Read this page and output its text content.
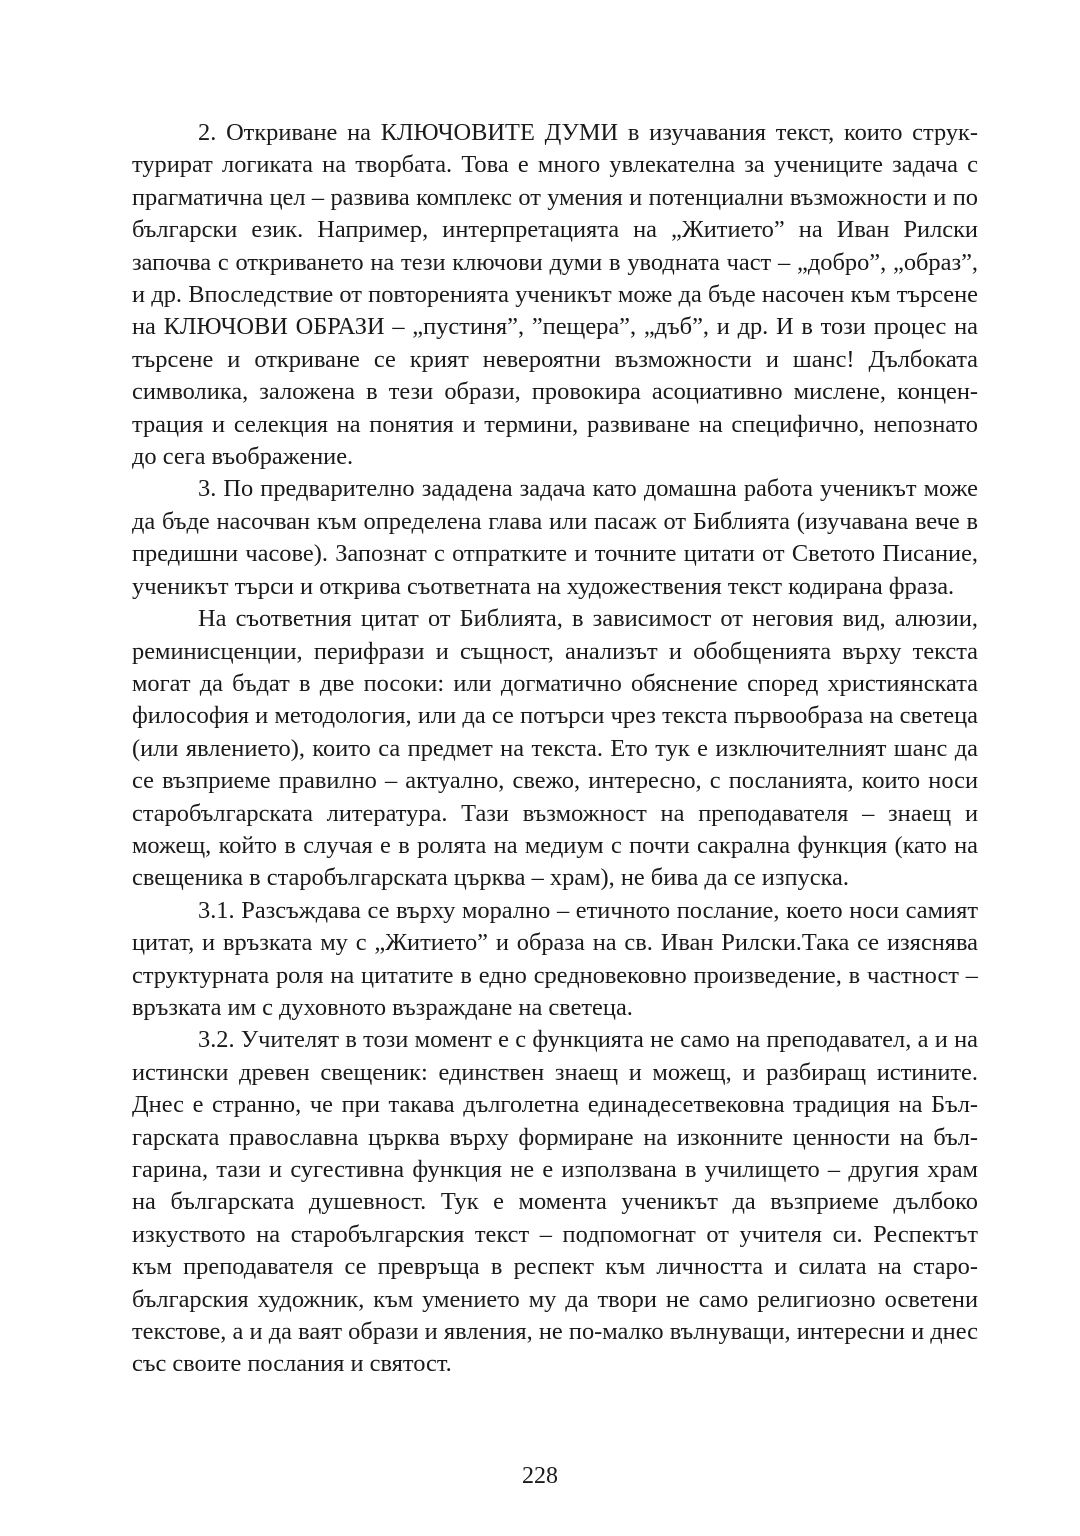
2. Откриване на КЛЮЧОВИТЕ ДУМИ в изучавания текст, които структурират логиката на творбата. Това е много увлекателна за учениците задача с прагматична цел – развива комплекс от умения и потенциални възможности и по български език. Например, интерпретацията на „Житието” на Иван Рилски започва с откриването на тези ключови думи в уводната част – „добро”, „образ”, и др. Впоследствие от повторенията ученикът може да бъде насочен към търсене на КЛЮЧОВИ ОБРАЗИ – „пустиня”, ”пещера”, „дъб”, и др. И в този процес на търсене и откриване се крият невероятни възможности и шанс! Дълбоката символика, заложена в тези образи, провокира асоциативно мислене, концентрация и селекция на понятия и термини, развиване на специфично, непознато до сега въображение.

3. По предварително зададена задача като домашна работа ученикът може да бъде насочван към определена глава или пасаж от Библията (изучавана вече в предишни часове). Запознат с отпратките и точните цитати от Светото Писание, ученикът търси и открива съответната на художествения текст кодирана фраза.

На съответния цитат от Библията, в зависимост от неговия вид, алюзии, реминисценции, перифрази и същност, анализът и обобщенията върху текста могат да бъдат в две посоки: или догматично обяснение според християнската философия и методология, или да се потърси чрез текста първообраза на светеца (или явлението), които са предмет на текста. Ето тук е изключителният шанс да се възприеме правилно – актуално, свежо, интересно, с посланията, които носи старобългарската литература. Тази възможност на преподавателя – знаещ и можещ, който в случая е в ролята на медиум с почти сакрална функция (като на свещеника в старобългарската църква – храм), не бива да се изпуска.

3.1. Разсъждава се върху морално – етичното послание, което носи самият цитат, и връзката му с „Житието” и образа на св. Иван Рилски.Така се изяснява структурната роля на цитатите в едно средновековно произведение, в частност – връзката им с духовното възраждане на светеца.

3.2. Учителят в този момент е с функцията не само на преподавател, а и на истински древен свещеник: единствен знаещ и можещ, и разбиращ истините. Днес е странно, че при такава дълголетна единадесетвековна традиция на Българската православна църква върху формиране на изконните ценности на българина, тази и сугестивна функция не е използвана в училището – другия храм на българската душевност. Тук е момента ученикът да възприеме дълбоко изкуството на старобългарския текст – подпомогнат от учителя си. Респектът към преподавателя се превръща в респект към личността и силата на старобългарския художник, към умението му да твори не само религиозно осветени текстове, а и да ваят образи и явления, не по-малко вълнуващи, интересни и днес със своите послания и святост.

228
